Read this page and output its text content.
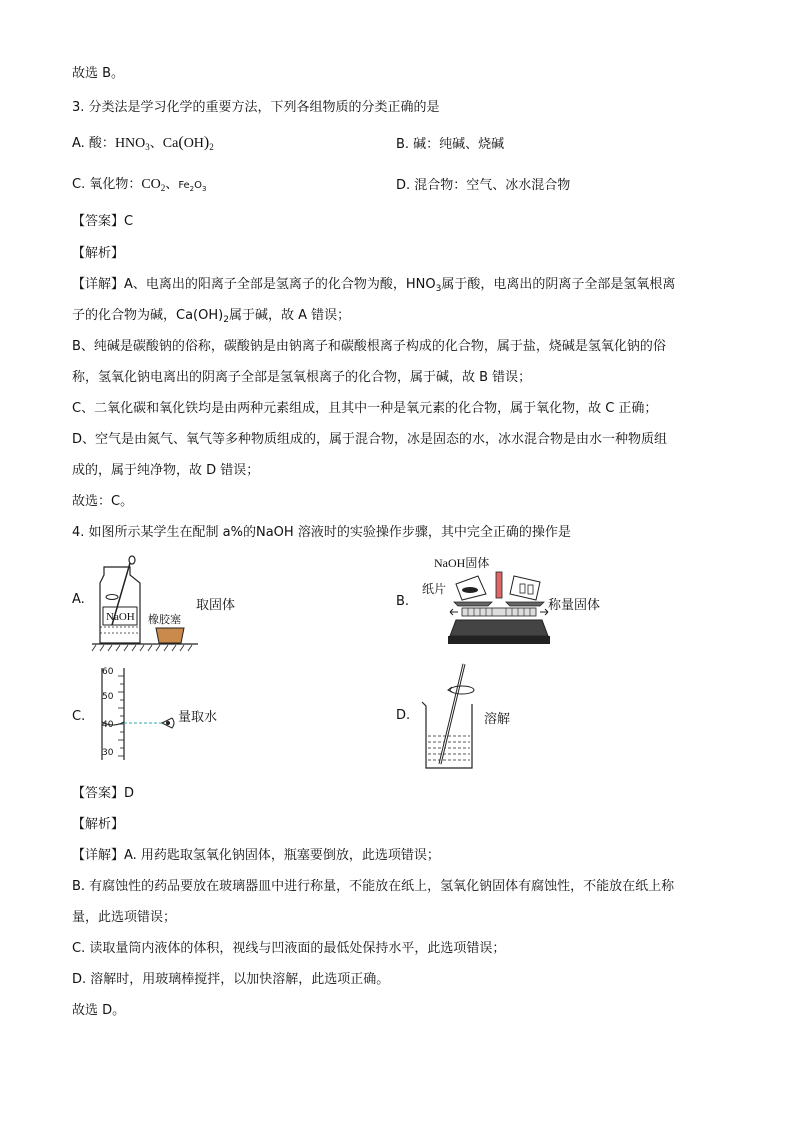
故选 B。
3. 分类法是学习化学的重要方法，下列各组物质的分类正确的是
A. 酸：$HNO_3$、$Ca(OH)_2$	B. 碱：纯碱、烧碱
C. 氧化物：$CO_2$、$Fe_2O_3$	D. 混合物：空气、冰水混合物
【答案】C
【解析】
【详解】A、电离出的阳离子全部是氢离子的化合物为酸，$HNO_3$属于酸，电离出的阴离子全部是氢氧根离
子的化合物为碱，$Ca(OH)_2$属于碱，故 A 错误；
B、纯碱是碳酸钠的俗称，碳酸钠是由钠离子和碳酸根离子构成的化合物，属于盐，烧碱是氢氧化钠的俗
称，氢氧化钠电离出的阴离子全部是氢氧根离子的化合物，属于碱，故 B 错误；
C、二氧化碳和氧化铁均是由两种元素组成，且其中一种是氧元素的化合物，属于氧化物，故 C 正确；
D、空气是由氮气、氧气等多种物质组成的，属于混合物，冰是固态的水，冰水混合物是由水一种物质组
成的，属于纯净物，故 D 错误；
故选：C。
4. 如图所示某学生在配制 a%的NaOH 溶液时的实验操作步骤，其中完全正确的操作是
A.
NaOH 橡胶塞
取固体	B.
NaOH固体
纸片
称量固体
C.
60
50
40
30
量取水	D.	溶解
【答案】D
【解析】
【详解】A. 用药匙取氢氧化钠固体，瓶塞要倒放，此选项错误；
B. 有腐蚀性的药品要放在玻璃器皿中进行称量，不能放在纸上，氢氧化钠固体有腐蚀性，不能放在纸上称
量，此选项错误；
C. 读取量筒内液体的体积，视线与凹液面的最低处保持水平，此选项错误；
D. 溶解时，用玻璃棒搅拌，以加快溶解，此选项正确。
故选 D。
